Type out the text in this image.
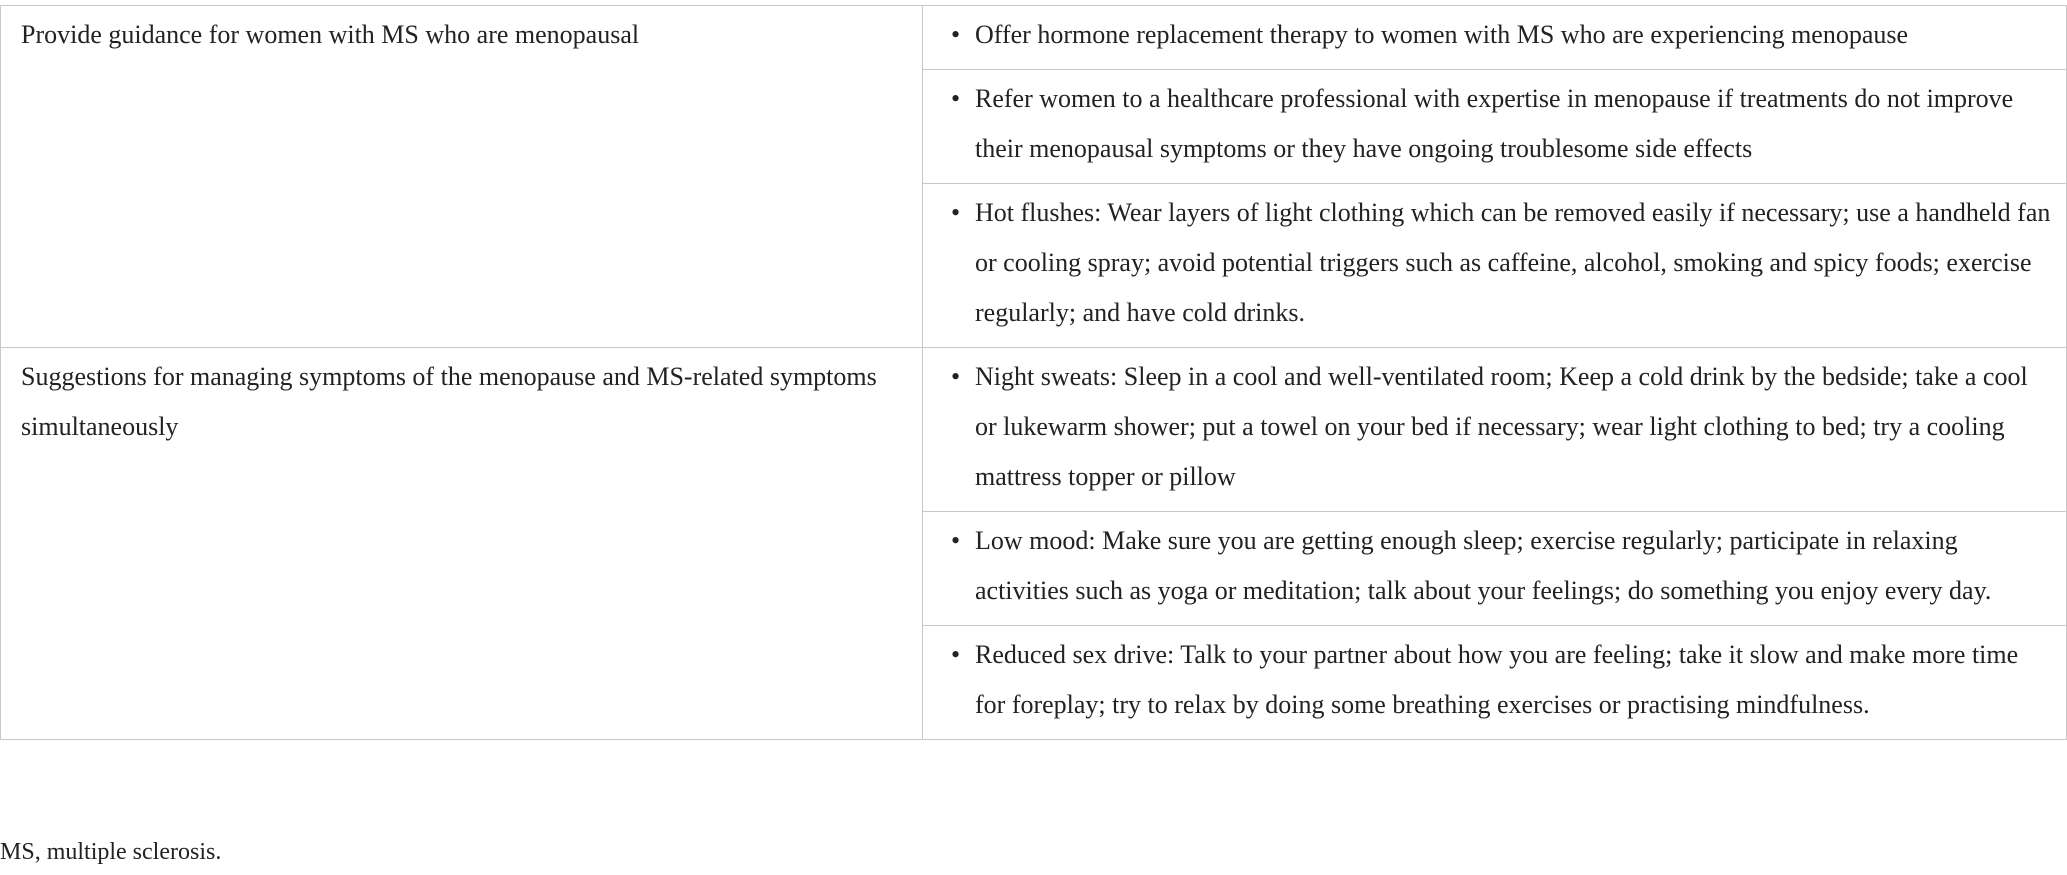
Provide guidance for women with MS who are menopausal	• Offer hormone replacement therapy to women with MS who are experiencing menopause

	• Refer women to a healthcare professional with expertise in menopause if treatments do not improve their menopausal symptoms or they have ongoing troublesome side effects

	• Hot flushes: Wear layers of light clothing which can be removed easily if necessary; use a handheld fan or cooling spray; avoid potential triggers such as caffeine, alcohol, smoking and spicy foods; exercise regularly; and have cold drinks.
Suggestions for managing symptoms of the menopause and MS-related symptoms simultaneously	• Night sweats: Sleep in a cool and well-ventilated room; Keep a cold drink by the bedside; take a cool or lukewarm shower; put a towel on your bed if necessary; wear light clothing to bed; try a cooling mattress topper or pillow

	• Low mood: Make sure you are getting enough sleep; exercise regularly; participate in relaxing activities such as yoga or meditation; talk about your feelings; do something you enjoy every day.

	• Reduced sex drive: Talk to your partner about how you are feeling; take it slow and make more time for foreplay; try to relax by doing some breathing exercises or practising mindfulness.
MS, multiple sclerosis.
